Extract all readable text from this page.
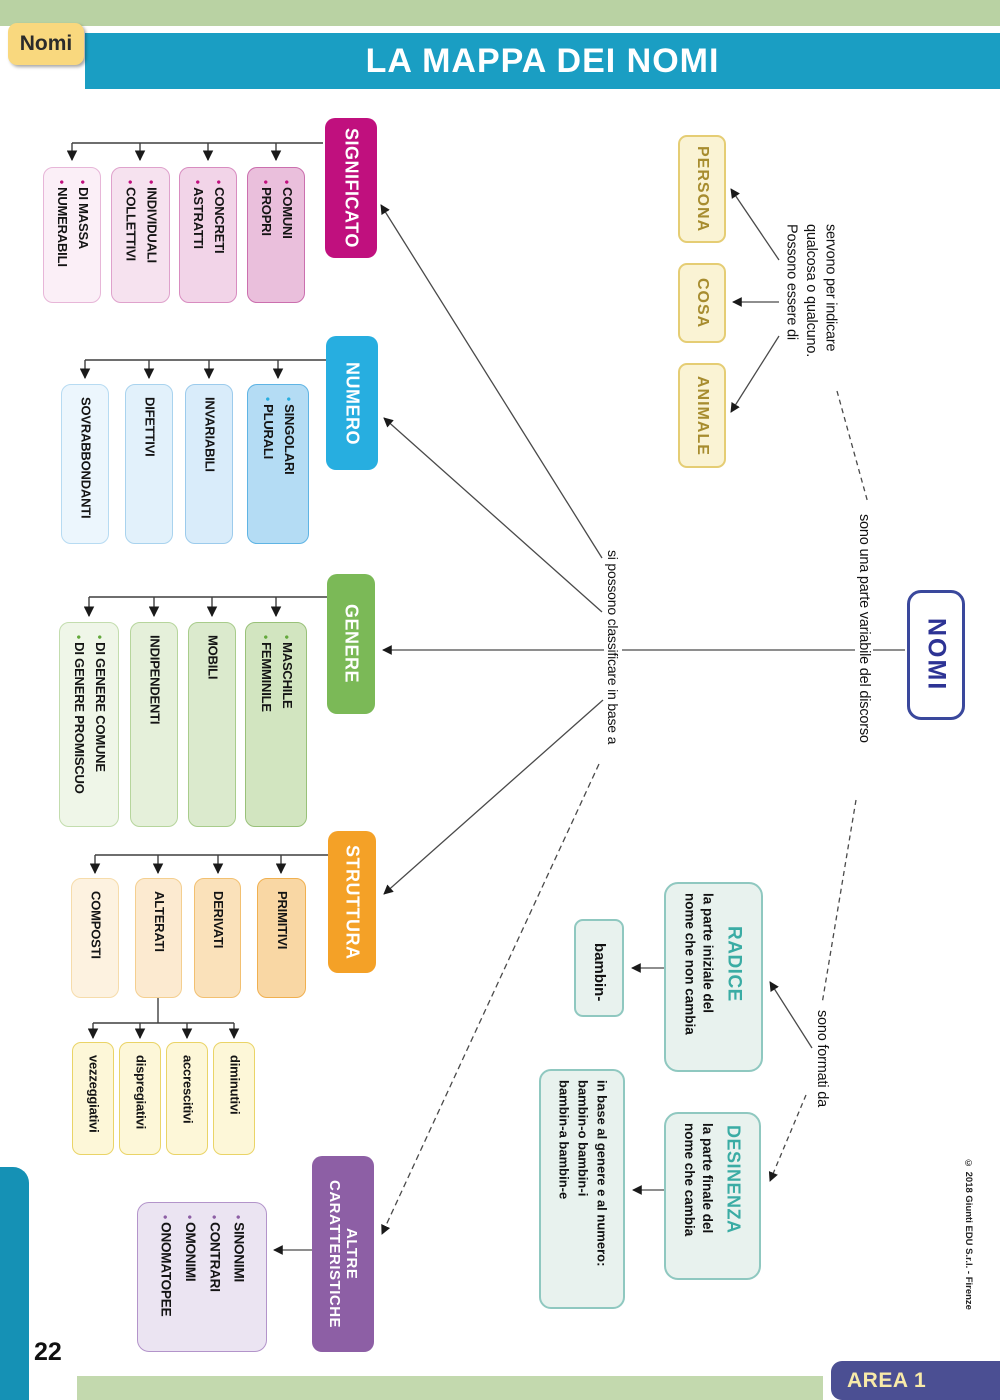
LA MAPPA DEI NOMI
Nomi
SIGNIFICATO
• COMUNI
• PROPRI
• CONCRETI
• ASTRATTI
• INDIVIDUALI
• COLLETTIVI
• DI MASSA
• NUMERABILI
NUMERO
• SINGOLARI
• PLURALI
INVARIABILI
DIFETTIVI
SOVRABBONDANTI
GENERE
• MASCHILE
• FEMMINILE
MOBILI
INDIPENDENTI
• DI GENERE COMUNE
• DI GENERE PROMISCUO
STRUTTURA
PRIMITIVI
DERIVATI
ALTERATI
COMPOSTI
diminutivi
accrescitivi
dispregiativi
vezzeggiativi
ALTRE
CARATTERISTICHE
• SINONIMI
• CONTRARI
• OMONIMI
• ONOMATOPEE
PERSONA
COSA
ANIMALE
servono per indicare
qualcosa o qualcuno.
Possono essere di
sono una parte variabile del discorso
si possono classificare in base a
sono formati da
NOMI
RADICE
la parte iniziale del
nome che non cambia
bambin-
DESINENZA
la parte finale del
nome che cambia
in base al genere e al numero:
bambin-o bambin-i
bambin-a bambin-e
22
AREA 1
© 2018 Giunti EDU S.r.l. - Firenze
